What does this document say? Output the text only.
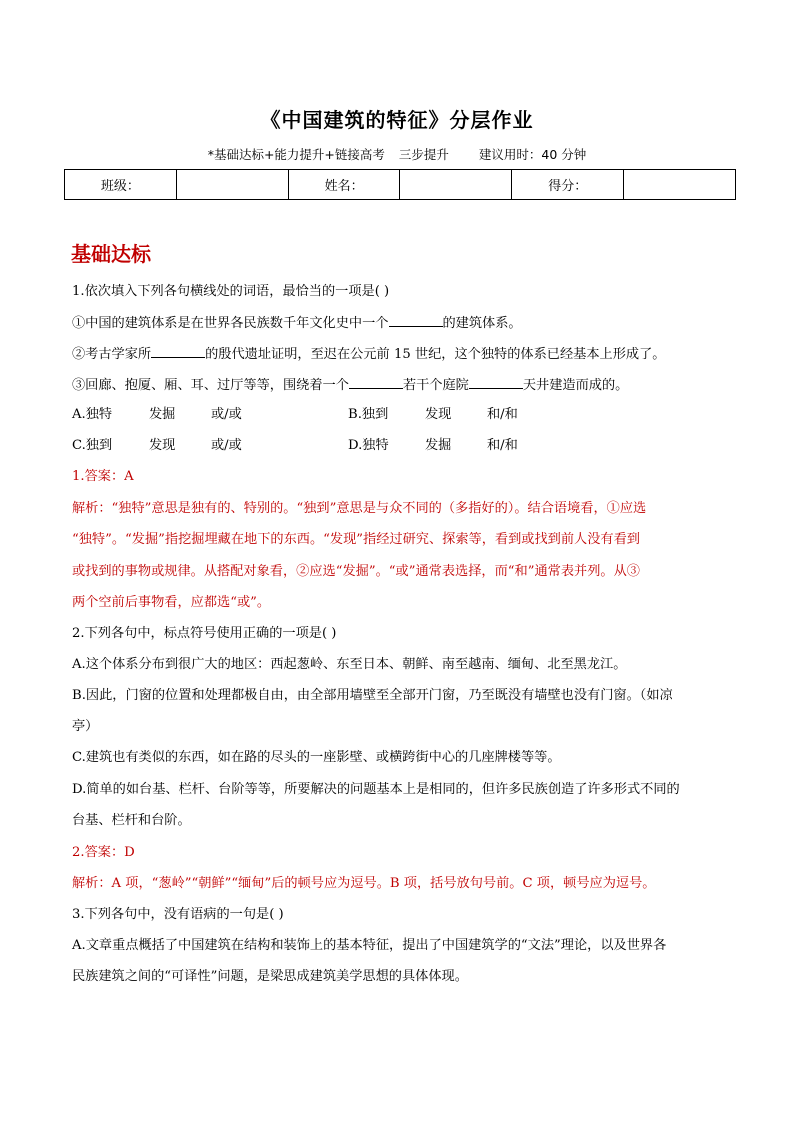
《中国建筑的特征》分层作业
*基础达标+能力提升+链接高考 三步提升 建议用时：40 分钟
班级：		姓名：		得分：	
基础达标
1.依次填入下列各句横线处的词语，最恰当的一项是( )
①中国的建筑体系是在世界各民族数千年文化史中一个	的建筑体系。
②考古学家所	的殷代遗址证明，至迟在公元前 15 世纪，这个独特的体系已经基本上形成了。
③回廊、抱厦、厢、耳、过厅等等，围绕着一个	若干个庭院	天井建造而成的。
A.独特	发掘	或/或	B.独到	发现	和/和
C.独到	发现	或/或	D.独特	发掘	和/和
1.答案：A
解析：“独特”意思是独有的、特别的。“独到”意思是与众不同的（多指好的）。结合语境看，①应选
“独特”。“发掘”指挖掘埋藏在地下的东西。“发现”指经过研究、探索等，看到或找到前人没有看到
或找到的事物或规律。从搭配对象看，②应选“发掘”。“或”通常表选择，而“和”通常表并列。从③
两个空前后事物看，应都选“或”。
2.下列各句中，标点符号使用正确的一项是( )
A.这个体系分布到很广大的地区：西起葱岭、东至日本、朝鲜、南至越南、缅甸、北至黑龙江。
B.因此，门窗的位置和处理都极自由，由全部用墙壁至全部开门窗，乃至既没有墙壁也没有门窗。（如凉
亭）
C.建筑也有类似的东西，如在路的尽头的一座影壁、或横跨街中心的几座牌楼等等。
D.简单的如台基、栏杆、台阶等等，所要解决的问题基本上是相同的，但许多民族创造了许多形式不同的
台基、栏杆和台阶。
2.答案：D
解析：A 项，“葱岭”“朝鲜”“缅甸”后的顿号应为逗号。B 项，括号放句号前。C 项，顿号应为逗号。
3.下列各句中，没有语病的一句是( )
A.文章重点概括了中国建筑在结构和装饰上的基本特征，提出了中国建筑学的“文法”理论，以及世界各
民族建筑之间的“可译性”问题，是梁思成建筑美学思想的具体体现。
